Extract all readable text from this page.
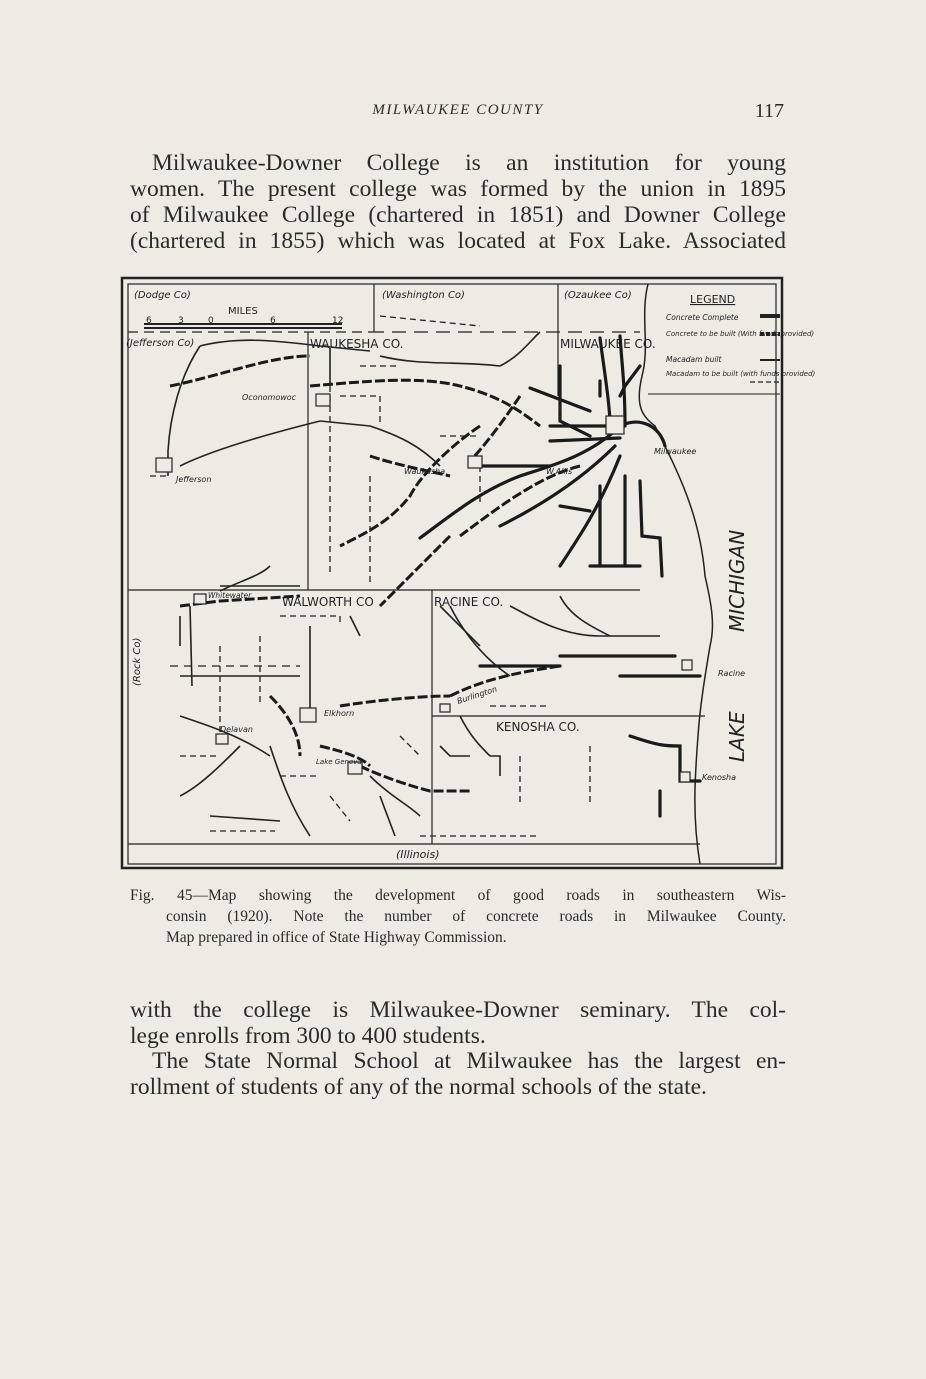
MILWAUKEE COUNTY	117
Milwaukee-Downer College is an institution for young
women. The present college was formed by the union in 1895
of Milwaukee College (chartered in 1851) and Downer College
(chartered in 1855) which was located at Fox Lake. Associated
MILES
6	3	0	6	12
LEGEND
Concrete Complete
Concrete to be built (With funds provided)
Macadam built
Macadam to be built (with funds provided)
WAUKESHA CO.	MILWAUKEE CO.
WALWORTH CO	RACINE CO.
KENOSHA CO.
(Dodge Co)	(Washington Co)	(Ozaukee Co)
(Jefferson Co)
(Illinois)
(Rock Co)
Oconomowoc
Jefferson
Waukesha	W.Allis
Milwaukee
Whitewater
Elkhorn
Delavan
Lake Geneva
Burlington
Racine
Kenosha
MICHIGAN
LAKE
Fig. 45—Map showing the development of good roads in southeastern Wis-
consin (1920). Note the number of concrete roads in Milwaukee County.
Map prepared in office of State Highway Commission.
with the college is Milwaukee-Downer seminary. The col-
lege enrolls from 300 to 400 students.
The State Normal School at Milwaukee has the largest en-
rollment of students of any of the normal schools of the state.
